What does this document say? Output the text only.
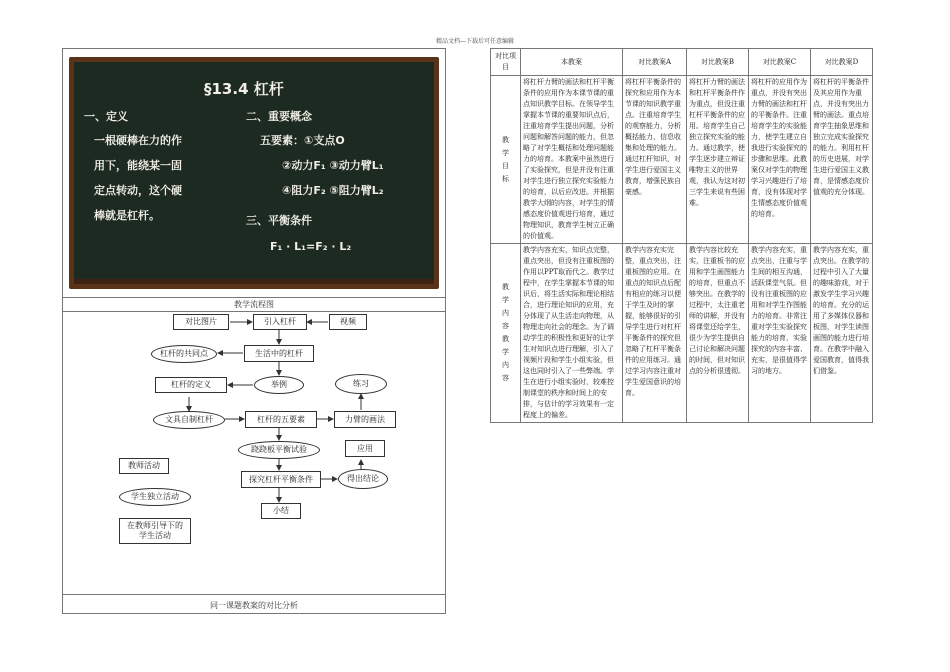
精品文档---下载后可任意编辑
§13.4 杠杆
一、定义
一根硬棒在力的作
用下，能绕某一固
定点转动，这个硬
棒就是杠杆。
二、重要概念
五要素：①支点O
②动力F₁ ③动力臂L₁
④阻力F₂ ⑤阻力臂L₂
三、平衡条件
F₁ · L₁=F₂ · L₂
教学流程图
对比图片	引入杠杆	视频
杠杆的共同点	生活中的杠杆
杠杆的定义	举例	练习
文具自制杠杆	杠杆的五要素	力臂的画法
跷跷板平衡试验	应用
教师活动
探究杠杆平衡条件	得出结论
学生独立活动
小结
在教师引导下的学生活动
同一课题教案的对比分析
对比项目	本教案	对比教案A	对比教案B	对比教案C	对比教案D
教学目标	将杠杆力臂的画法和杠杆平衡条件的应用作为本课节课的重点知识教学目标。在领导学生掌握本节课的重要知识点后，注重培育学生提出问题，分析问题和解答问题的能力，但忽略了对学生概括和处理问题能力的培育。本教案中虽然进行了实验探究，但是并没有注重对学生进行独立探究实验能力的培育，以后应改进。并根据教学大纲的内容，对学生的情感态度价值观进行培育，通过物理知识，教育学生树立正确的价值观。	将杠杆平衡条件的探究和应用作为本节课的知识教学重点。注重培育学生的观察能力，分析概括能力、信息收集和处理的能力。通过杠杆知识，对学生进行爱国主义教育，增强民族自豪感。	将杠杆力臂的画法和杠杆平衡条件作为重点，但没注重杠杆平衡条件的应用。培育学生自己独立探究实验的能力。通过教学，使学生逐步建立辩证唯物主义的世界观，我认为这对初三学生来说有些困难。	将杠杆的应用作为重点，并没有突出力臂的画法和杠杆的平衡条件。注重培育学生的实验能力，使学生建立自我进行实验探究的步骤和思维。此教案仅对学生的物理学习兴趣进行了培育，没有体现对学生情感态度价值观的培育。	将杠杆的平衡条件及其应用作为重点，并没有突出力臂的画法。重点培育学生抽象思维和独立完成实验探究的能力。利用杠杆的历史进展，对学生进行爱国主义教育，是情感态度价值观的充分体现。
教学内容教学内容	教学内容充实，知识点完整，重点突出，但没有注重板图的作用以PPT取而代之。教学过程中，在学生掌握本节课的知识后，将生活实际和理论相结合，进行理论知识的应用，充分体现了从生活走向物理，从物理走向社会的理念。为了调动学生的积极性和更好的让学生对知识点进行理解，引入了视频片段和学生小组实验，但这也同时引入了一些弊端。学生在进行小组实验时，较难控制课堂的秩序和时间上的安排，与估计的学习效果有一定程度上的偏差。	教学内容充实完整，重点突出，注重板图的应用。在重点的知识点后配有相应的练习以便于学生及时的掌握，能够很好的引导学生进行对杠杆平衡条件的探究但忽略了杠杆平衡条件的应用练习。通过学习内容注重对学生爱国意识的培育。	教学内容比较充实，注重板书的应用和学生画图能力的培育，但重点不够突出。在教学的过程中，太注重老师的讲解，并没有将课堂还给学生，很少为学生提供自己讨论和解决问题的时间，但对知识点的分析很透彻。	教学内容充实，重点突出，注重与学生间的相互沟通，活跃课堂气氛。但没有注重板图的应用和对学生作图能力的培育。非常注重对学生实验探究能力的培育，实验探究的内容丰富、充实，是很值得学习的地方。	教学内容充实，重点突出。在教学的过程中引入了大量的趣味游戏，对于激发学生学习兴趣的培育。充分的运用了多媒体仪器和板图，对学生读图画图的能力进行培育。在教学中融入爱国教育，值得我们借鉴。
